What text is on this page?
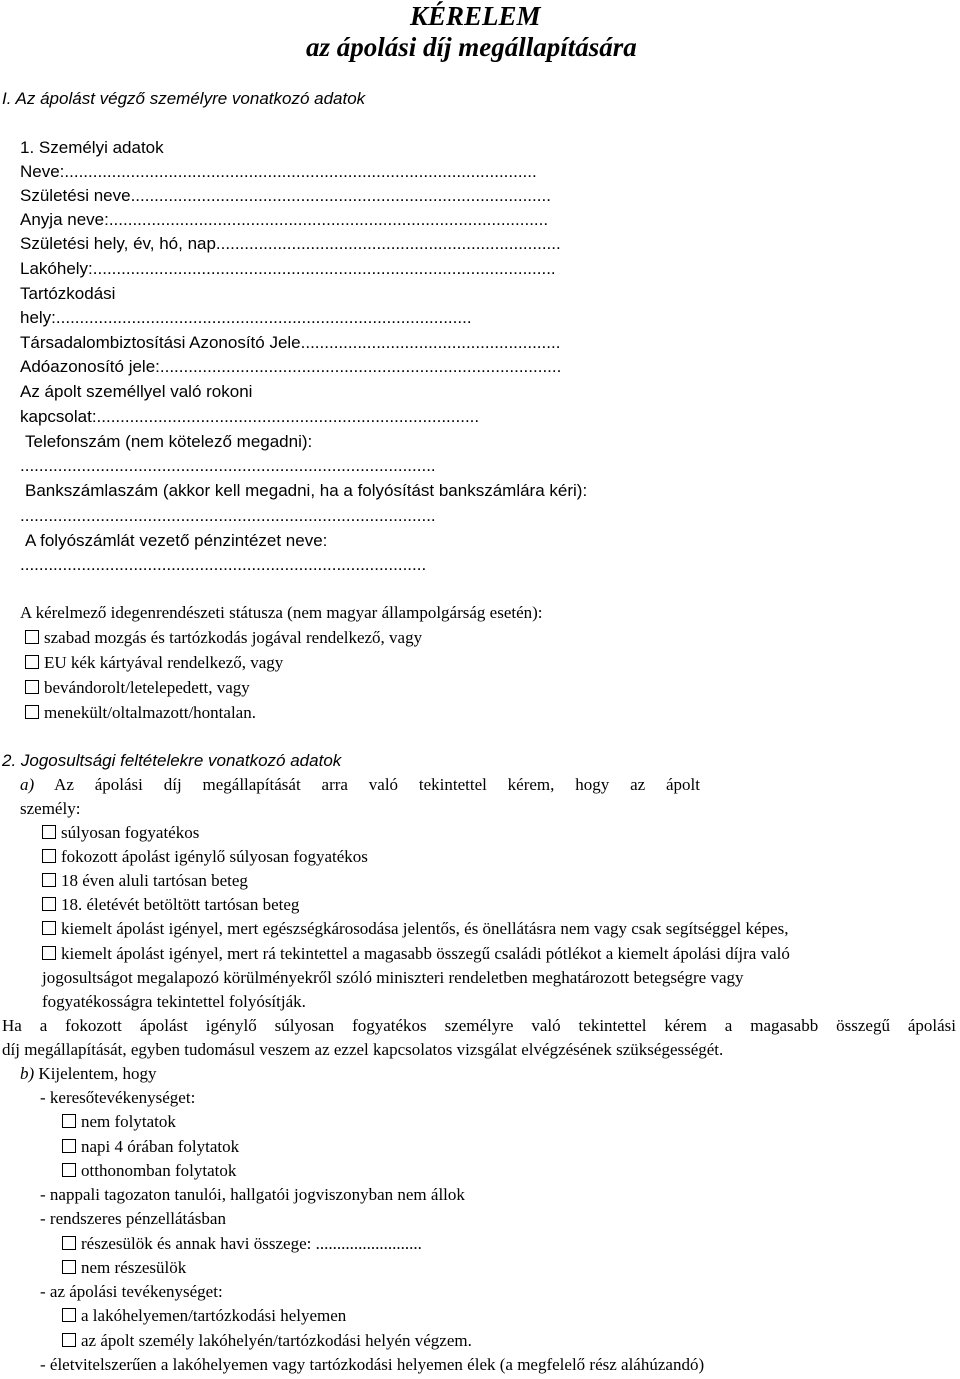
KÉRELEM
az ápolási díj megállapítására
I. Az ápolást végző személyre vonatkozó adatok
1. Személyi adatok
Neve:....................................................................................................
Születési neve.........................................................................................
Anyja neve:.............................................................................................
Születési hely, év, hó, nap.........................................................................
Lakóhely:..................................................................................................
Tartózkodási
hely:........................................................................................
Társadalombiztosítási Azonosító Jele.......................................................
Adóazonosító jele:.....................................................................................
Az ápolt személlyel való rokoni
kapcsolat:.................................................................................
Telefonszám (nem kötelező megadni):
........................................................................................
Bankszámlaszám (akkor kell megadni, ha a folyósítást bankszámlára kéri):
........................................................................................
A folyószámlát vezető pénzintézet neve:
......................................................................................
A kérelmező idegenrendészeti státusza (nem magyar állampolgárság esetén):
szabad mozgás és tartózkodás jogával rendelkező, vagy
EU kék kártyával rendelkező, vagy
bevándorolt/letelepedett, vagy
menekült/oltalmazott/hontalan.
2. Jogosultsági feltételekre vonatkozó adatok
a) Az ápolási díj megállapítását arra való tekintettel kérem, hogy az ápolt
személy:
súlyosan fogyatékos
fokozott ápolást igénylő súlyosan fogyatékos
18 éven aluli tartósan beteg
18. életévét betöltött tartósan beteg
kiemelt ápolást igényel, mert egészségkárosodása jelentős, és önellátásra nem vagy csak segítséggel képes,
kiemelt ápolást igényel, mert rá tekintettel a magasabb összegű családi pótlékot a kiemelt ápolási díjra való
jogosultságot megalapozó körülményekről szóló miniszteri rendeletben meghatározott betegségre vagy
fogyatékosságra tekintettel folyósítják.
Ha a fokozott ápolást igénylő súlyosan fogyatékos személyre való tekintettel kérem a magasabb összegű ápolási
díj megállapítását, egyben tudomásul veszem az ezzel kapcsolatos vizsgálat elvégzésének szükségességét.
b) Kijelentem, hogy
- keresőtevékenységet:
nem folytatok
napi 4 órában folytatok
otthonomban folytatok
- nappali tagozaton tanulói, hallgatói jogviszonyban nem állok
- rendszeres pénzellátásban
részesülök és annak havi összege: .........................
nem részesülök
- az ápolási tevékenységet:
a lakóhelyemen/tartózkodási helyemen
az ápolt személy lakóhelyén/tartózkodási helyén végzem.
- életvitelszerűen a lakóhelyemen vagy tartózkodási helyemen élek (a megfelelő rész aláhúzandó)
